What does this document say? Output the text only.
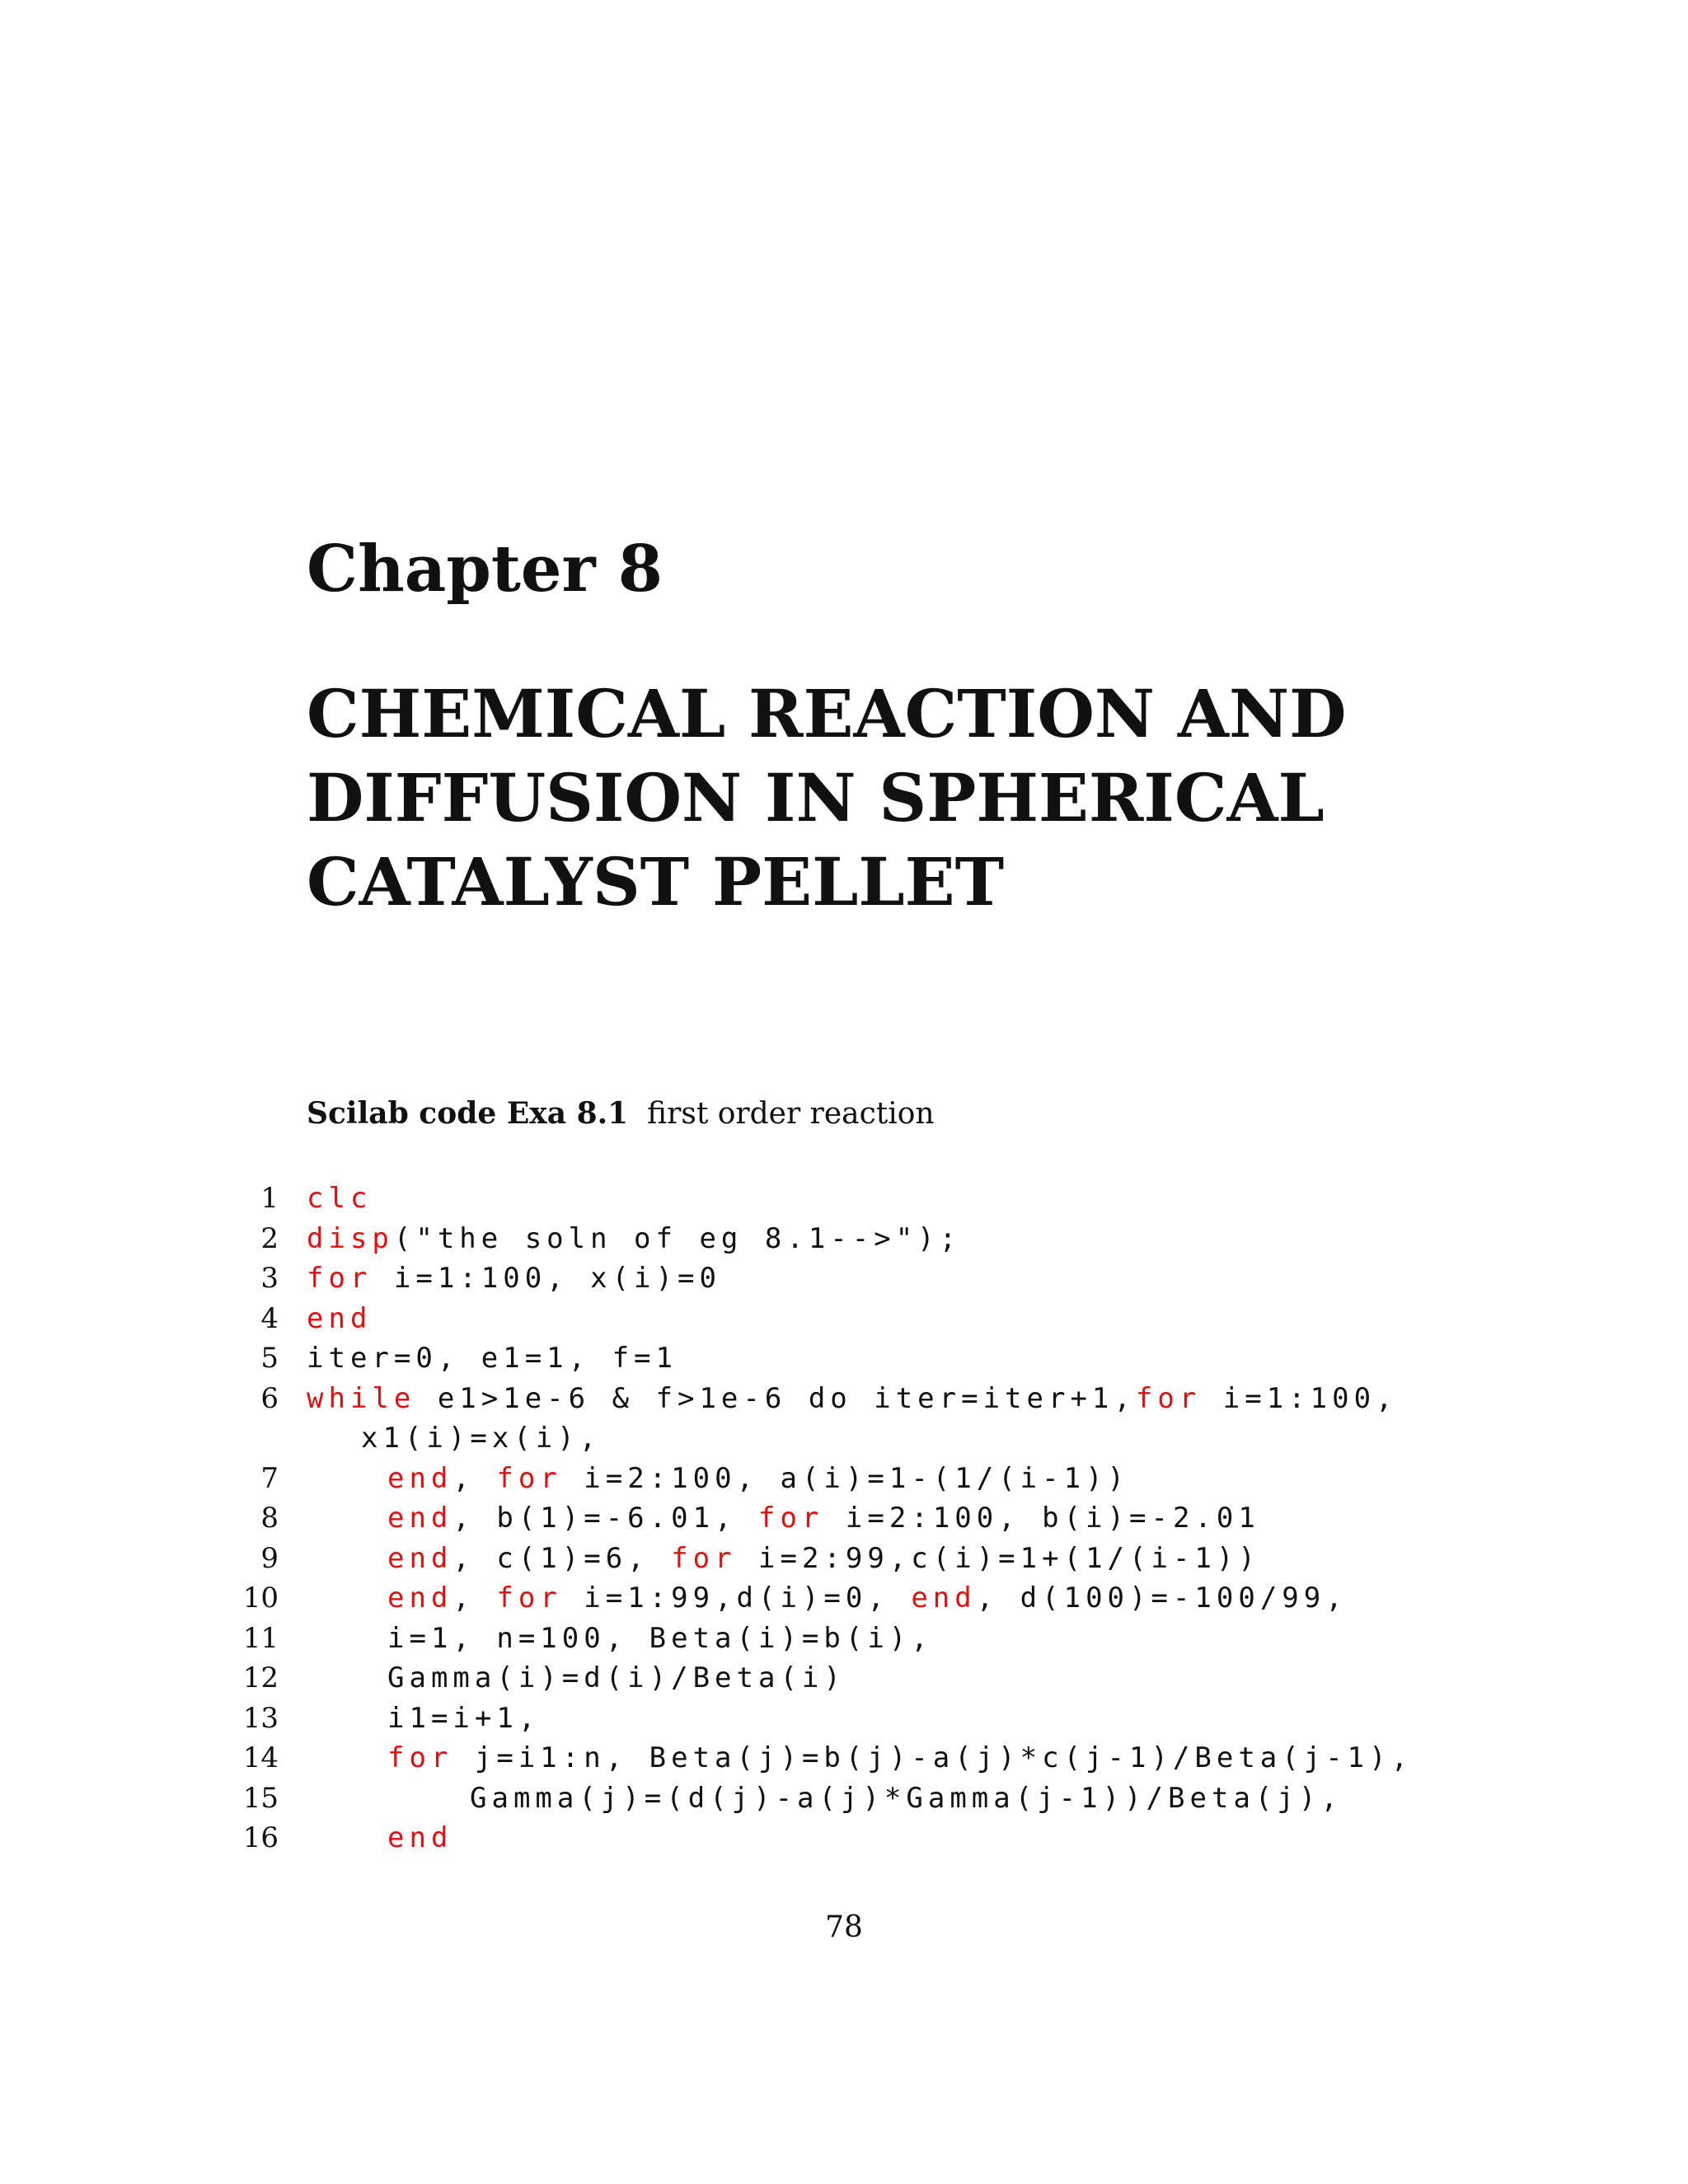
Chapter 8
CHEMICAL REACTION AND
DIFFUSION IN SPHERICAL
CATALYST PELLET
Scilab code Exa 8.1 first order reaction
1 clc
2 disp("the soln of eg 8.1-->");
3 for i=1:100, x(i)=0
4 end
5 iter=0, e1=1, f=1
6 while e1>1e-6 & f>1e-6 do iter=iter+1,for i=1:100,
x1(i)=x(i),
7	end, for i=2:100, a(i)=1-(1/(i-1))
8	end, b(1)=-6.01, for i=2:100, b(i)=-2.01
9	end, c(1)=6, for i=2:99,c(i)=1+(1/(i-1))
10	end, for i=1:99,d(i)=0, end, d(100)=-100/99,
11	i=1, n=100, Beta(i)=b(i),
12	Gamma(i)=d(i)/Beta(i)
13	i1=i+1,
14	for j=i1:n, Beta(j)=b(j)-a(j)*c(j-1)/Beta(j-1),
15	Gamma(j)=(d(j)-a(j)*Gamma(j-1))/Beta(j),
16	end
78
